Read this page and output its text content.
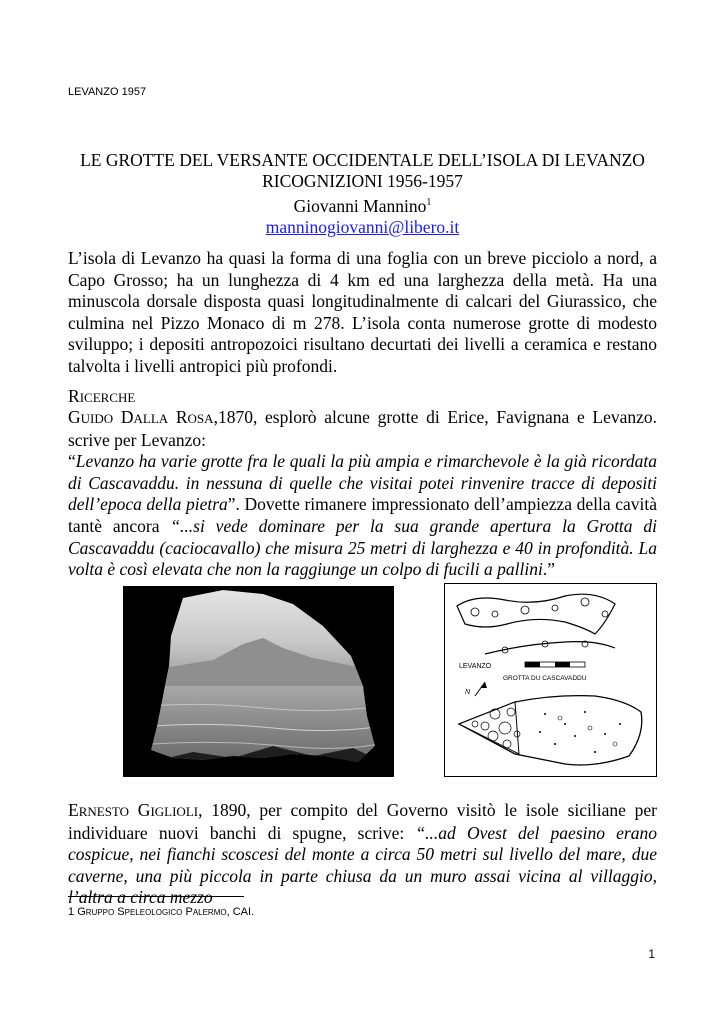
LEVANZO 1957
LE GROTTE DEL VERSANTE OCCIDENTALE DELL’ISOLA DI LEVANZO
RICOGNIZIONI 1956-1957
Giovanni Mannino$^1$
manninogiovanni@libero.it
L’isola di Levanzo ha quasi la forma di una foglia con un breve picciolo a nord, a Capo Grosso; ha un lunghezza di 4 km ed una larghezza della metà. Ha una minuscola dorsale disposta quasi longitudinalmente di calcari del Giurassico, che culmina nel Pizzo Monaco di m 278. L’isola conta numerose grotte di modesto sviluppo; i depositi antropozoici risultano decurtati dei livelli a ceramica e restano talvolta i livelli antropici più profondi.
RICERCHE
GUIDO DALLA ROSA,1870, esplorò alcune grotte di Erice, Favignana e Levanzo. scrive per Levanzo:
“Levanzo ha varie grotte fra le quali la più ampia e rimarchevole è la già ricordata di Cascavaddu. in nessuna di quelle che visitai potei rinvenire tracce di depositi dell’epoca della pietra”. Dovette rimanere impressionato dell’ampiezza della cavità tantè ancora “...si vede dominare per la sua grande apertura la Grotta di Cascavaddu (caciocavallo) che misura 25 metri di larghezza e 40 in profondità. La volta è così elevata che non la raggiunge un colpo di fucili a pallini.”
LEVANZO
GROTTA DU CASCAVADDU
N
ERNESTO GIGLIOLI, 1890, per compito del Governo visitò le isole siciliane per individuare nuovi banchi di spugne, scrive: “...ad Ovest del paesino erano cospicue, nei fianchi scoscesi del monte a circa 50 metri sul livello del mare, due caverne, una più piccola in parte chiusa da un muro assai vicina al villaggio, l’altra a circa mezzo
1 GRUPPO SPELEOLOGICO PALERMO, CAI.
1
